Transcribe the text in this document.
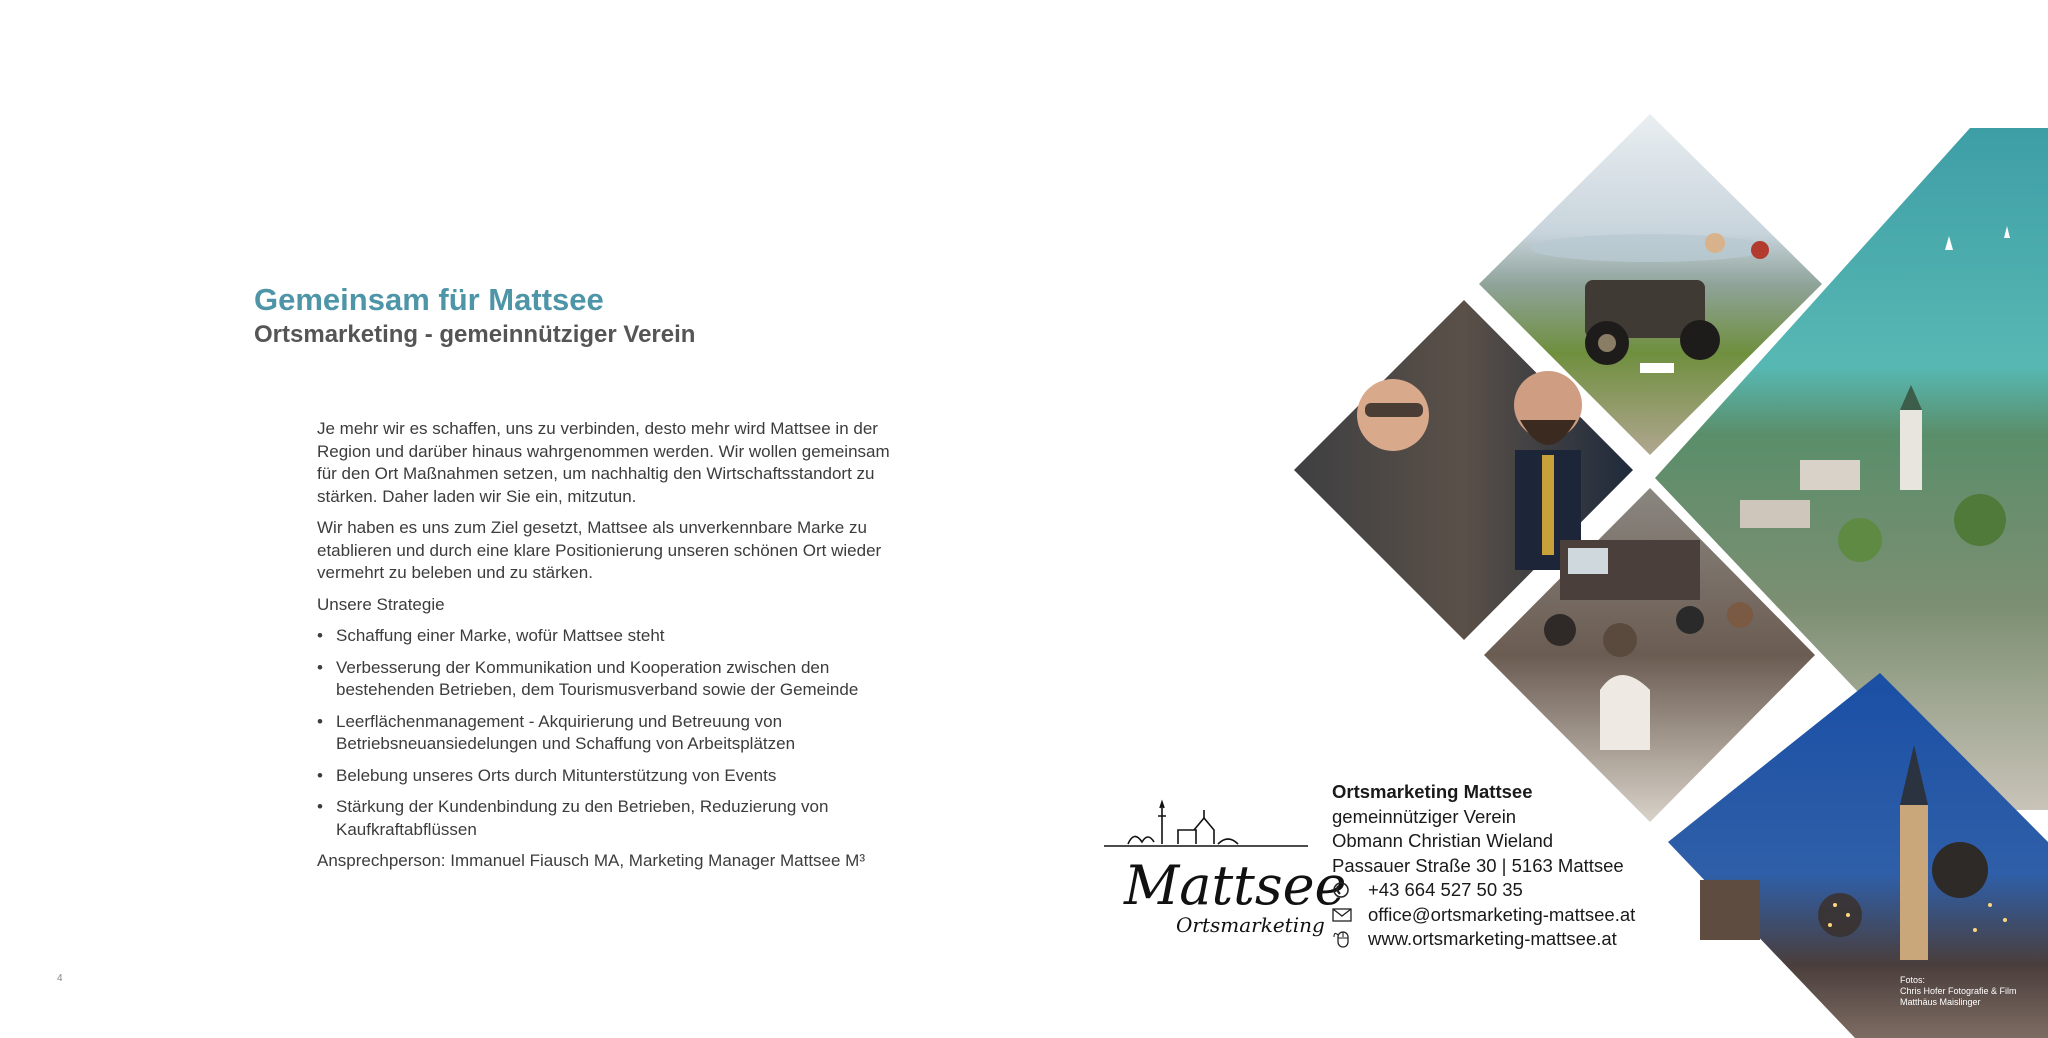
Gemeinsam für Mattsee
Ortsmarketing - gemeinnütziger Verein

Je mehr wir es schaffen, uns zu verbinden, desto mehr wird Mattsee in der Region und darüber hinaus wahrgenommen werden. Wir wollen gemeinsam für den Ort Maßnahmen setzen, um nachhaltig den Wirtschaftsstandort zu stärken. Daher laden wir Sie ein, mitzutun.

Wir haben es uns zum Ziel gesetzt, Mattsee als unverkennbare Marke zu etablieren und durch eine klare Positionierung unseren schönen Ort wieder vermehrt zu beleben und zu stärken.

Unsere Strategie

• Schaffung einer Marke, wofür Mattsee steht
• Verbesserung der Kommunikation und Kooperation zwischen den bestehenden Betrieben, dem Tourismusverband sowie der Gemeinde
• Leerflächenmanagement - Akquirierung und Betreuung von Betriebsneuansiedelungen und Schaffung von Arbeitsplätzen
• Belebung unseres Orts durch Mitunterstützung von Events
• Stärkung der Kundenbindung zu den Betrieben, Reduzierung von Kaufkraftabflüssen

Ansprechperson: Immanuel Fiausch MA, Marketing Manager Mattsee M³

4	Fotos:
Chris Hofer Fotografie & Film
Matthäus Maislinger
Mattsee
Ortsmarketing
Ortsmarketing Mattsee
gemeinnütziger Verein
Obmann Christian Wieland
Passauer Straße 30 | 5163 Mattsee
+43 664 527 50 35
office@ortsmarketing-mattsee.at
www.ortsmarketing-mattsee.at
